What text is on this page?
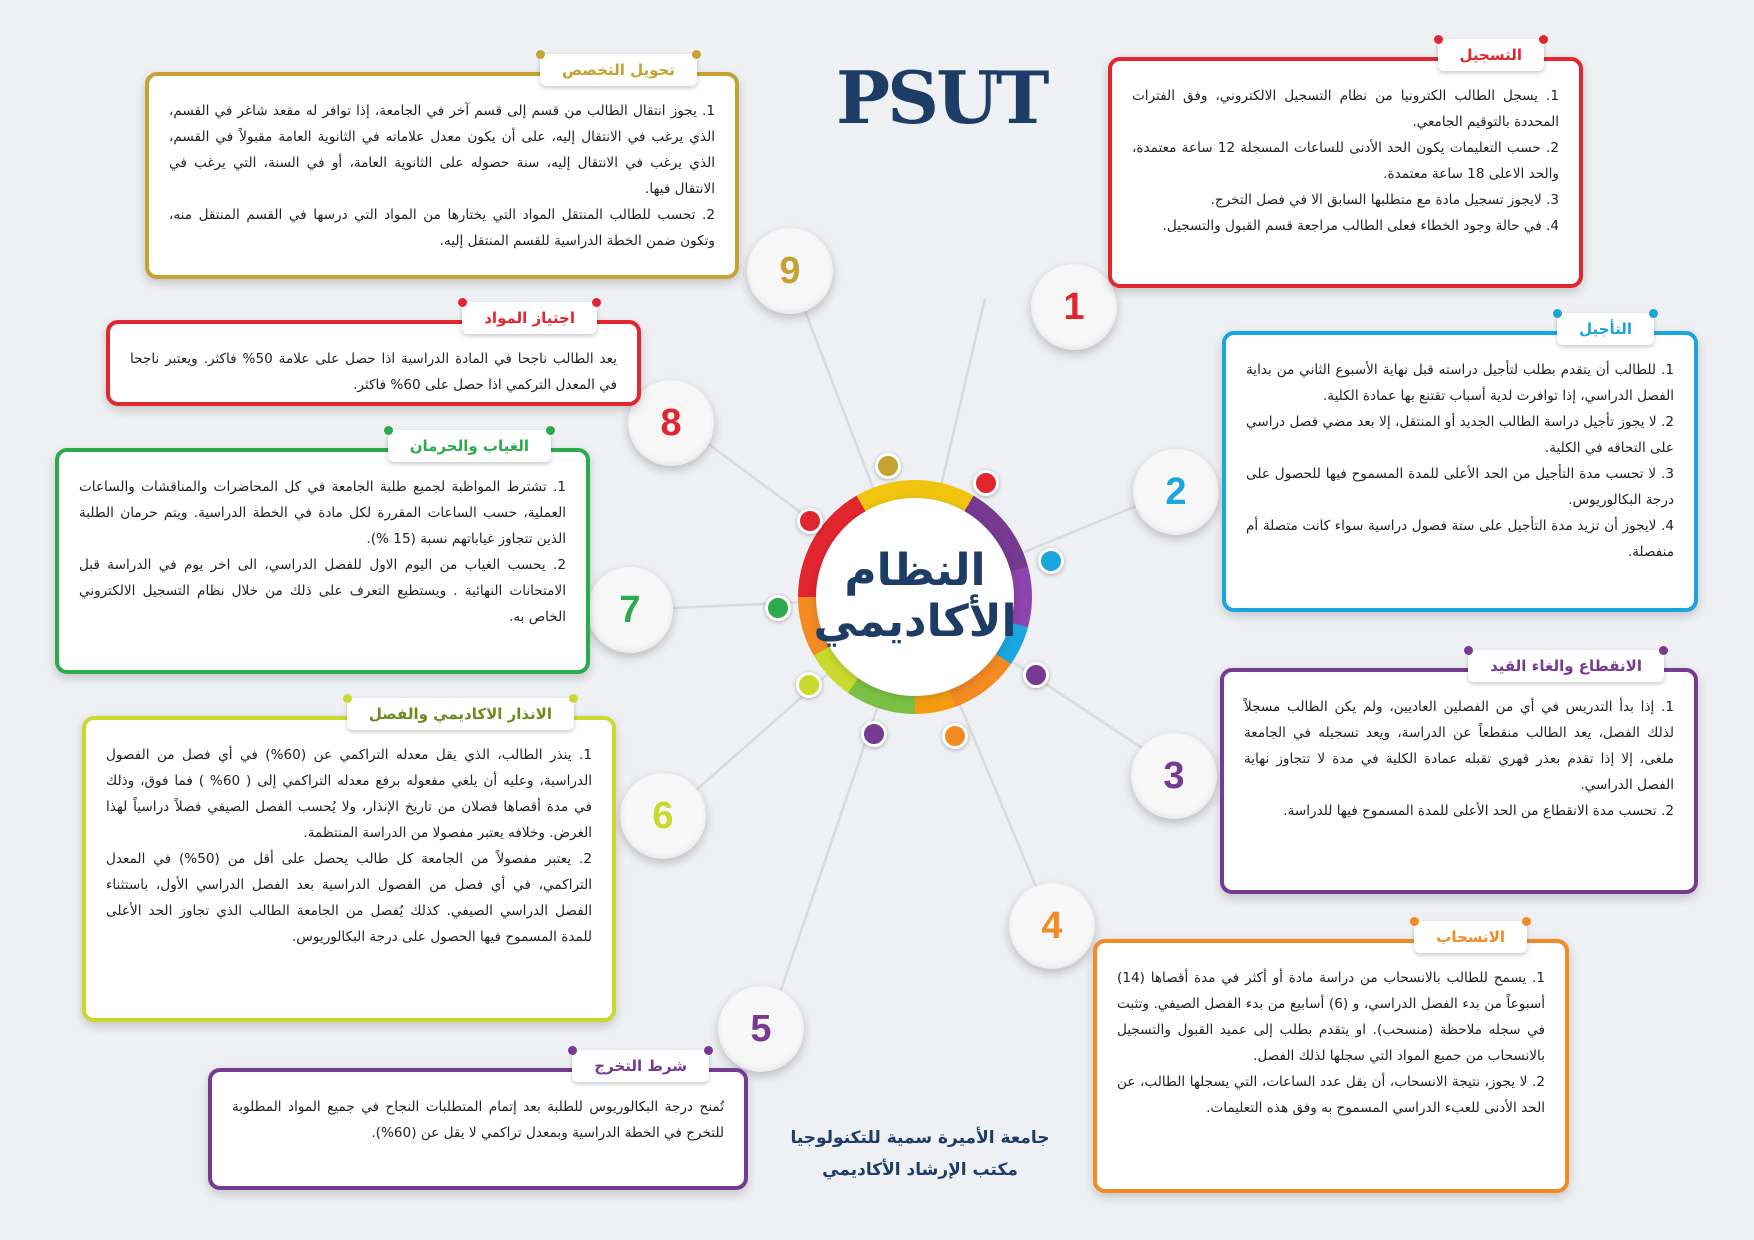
PSUT
النظام
الأكاديمي
1
2
3
4
5
6
7
8
9
التسجيل

1. يسجل الطالب الكترونيا من نظام التسجيل الالكتروني، وفق الفترات المحددة بالتوقيم الجامعي.

2. حسب التعليمات يكون الحد الأدنى للساعات المسجلة 12 ساعة معتمدة، والحد الاعلى 18 ساعة معتمدة.

3. لايجوز تسجيل مادة مع متطلبها السابق الا في فصل التخرج.

4. في حالة وجود الخطاء فعلى الطالب مراجعة قسم القبول والتسجيل.

التأجيل

1. للطالب أن يتقدم بطلب لتأجيل دراسته قبل نهاية الأسبوع الثاني من بداية الفصل الدراسي، إذا توافرت لدية أسباب تقتنع بها عمادة الكلية.

2. لا يجوز تأجيل دراسة الطالب الجديد أو المنتقل، إلا بعد مضي فصل دراسي على التحاقه في الكلية.

3. لا تحسب مدة التأجيل من الحد الأعلى للمدة المسموح فيها للحصول على درجة البكالوريوس.

4. لايجوز أن تزيد مدة التأجيل على ستة فصول دراسية سواء كانت متصلة أم منفصلة.

الانقطاع والغاء القيد

1. إذا بدأ التدريس في أي من الفصلين العاديين، ولم يكن الطالب مسجلاً لذلك الفصل، يعد الطالب منقطعاً عن الدراسة، ويعد تسجيله في الجامعة ملغى، إلا إذا تقدم بعذر قهري تقبله عمادة الكلية في مدة لا تتجاوز نهاية الفصل الدراسي.

2. تحسب مدة الانقطاع من الحد الأعلى للمدة المسموح فيها للدراسة.

الانسحاب

1. يسمح للطالب بالانسحاب من دراسة مادة أو أكثر في مدة أقصاها (14) أسبوعاً من بدء الفصل الدراسي، و (6) أسابيع من بدء الفصل الصيفي. وتثبت في سجله ملاحظة (منسحب). او يتقدم بطلب إلى عميد القبول والتسجيل بالانسحاب من جميع المواد التي سجلها لذلك الفصل.

2. لا يجوز، نتيجة الانسحاب، أن يقل عدد الساعات، التي يسجلها الطالب، عن الحد الأدنى للعبء الدراسي المسموح به وفق هذه التعليمات.

شرط التخرج

تُمنح درجة البكالوريوس للطلبة بعد إتمام المتطلبات النجاح في جميع المواد المطلوبة للتخرج في الخطة الدراسية وبمعدل تراكمي لا يقل عن (60%).

الانذار الاكاديمي والفصل

1. ينذر الطالب، الذي يقل معدله التراكمي عن (60%) في أي فصل من الفصول الدراسية، وعليه أن يلغي مفعوله برفع معدله التراكمي إلى ( 60% ) فما فوق، وذلك في مدة أقصاها فصلان من تاريخ الإنذار، ولا يُحسب الفصل الصيفي فصلاً دراسياً لهذا الغرض. وخلافه يعتبر مفصولا من الدراسة المنتظمة.

2. يعتبر مفصولاً من الجامعة كل طالب يحصل على أقل من (50%) في المعدل التراكمي، في أي فصل من الفصول الدراسية بعد الفصل الدراسي الأول، باستثناء الفصل الدراسي الصيفي. كذلك يُفصل من الجامعة الطالب الذي تجاوز الحد الأعلى للمدة المسموح فيها الحصول على درجة البكالوريوس.

الغياب والحرمان

1. تشترط المواظبة لجميع طلبة الجامعة في كل المحاضرات والمناقشات والساعات العملية، حسب الساعات المقررة لكل مادة في الخطة الدراسية. ويتم حرمان الطلبة الذين تتجاوز غياباتهم نسبة (15 %).

2. يحسب الغياب من اليوم الاول للفصل الدراسي، الى اخر يوم في الدراسة قبل الامتحانات النهائية . ويستطيع التعرف على ذلك من خلال نظام التسجيل الالكتروني الخاص به.

اجتياز المواد

يعد الطالب ناجحا في المادة الدراسية اذا حصل على علامة 50% فاكثر. ويعتبر ناجحا في المعدل التركمي اذا حصل على 60% فاكثر.

تحويل التخصص

1. يجوز انتقال الطالب من قسم إلى قسم آخر في الجامعة، إذا توافر له مقعد شاغر في القسم، الذي يرغب في الانتقال إليه، على أن يكون معدل علاماته في الثانوية العامة مقبولاً في القسم، الذي يرغب في الانتقال إليه، سنة حصوله على الثانوية العامة، أو في السنة، التي يرغب في الانتقال فيها.

2. تحسب للطالب المنتقل المواد التي يختارها من المواد التي درسها في القسم المنتقل منه، وتكون ضمن الخطة الدراسية للقسم المنتقل إليه.

جامعة الأميرة سمية للتكنولوجيا
مكتب الإرشاد الأكاديمي
